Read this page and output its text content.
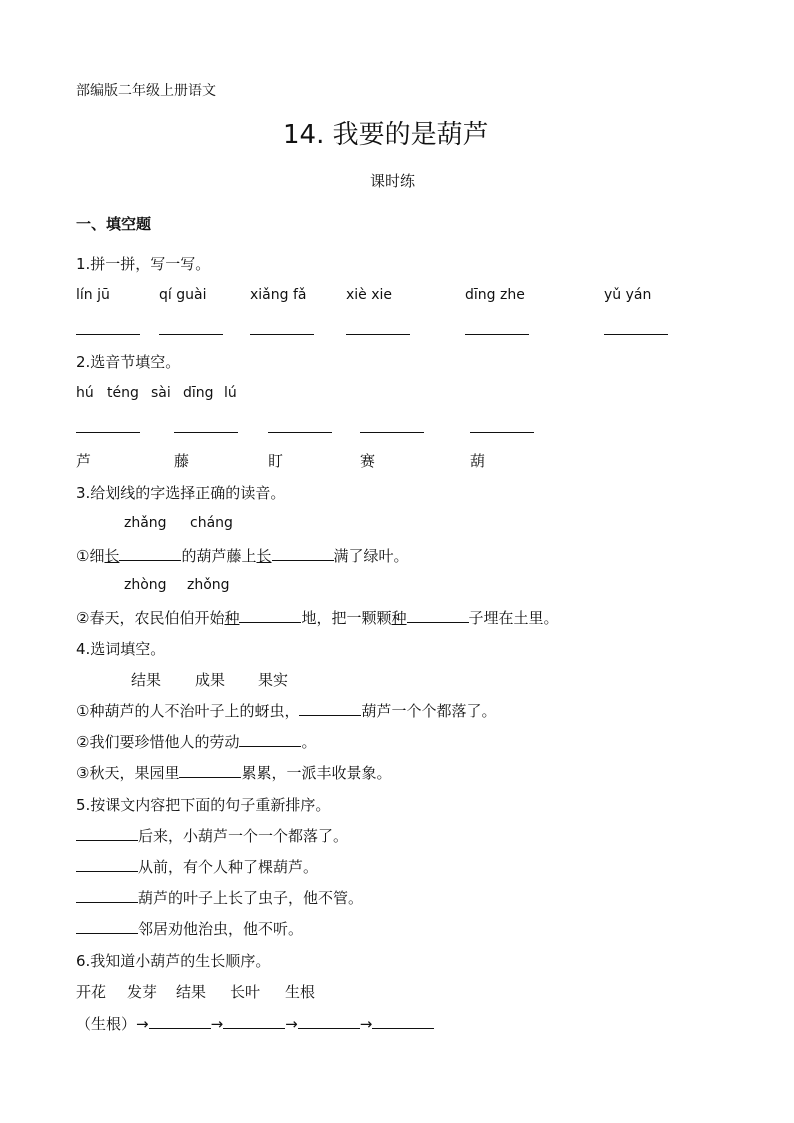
部编版二年级上册语文
14. 我要的是葫芦
课时练
一、填空题
1.拼一拼，写一写。
lín jū	qí guài	xiǎng fǎ	xiè xie	dīng zhe	yǔ yán
2.选音节填空。
hú téng sài dīng lú
芦	藤	盯	赛	葫
3.给划线的字选择正确的读音。
zhǎng cháng
①细长	的葫芦藤上长	满了绿叶。
zhòng zhǒng
②春天，农民伯伯开始种	地，把一颗颗种	子埋在土里。
4.选词填空。
结果 成果 果实
①种葫芦的人不治叶子上的蚜虫，	葫芦一个个都落了。
②我们要珍惜他人的劳动	。
③秋天，果园里	累累，一派丰收景象。
5.按课文内容把下面的句子重新排序。
后来，小葫芦一个一个都落了。
从前，有个人种了棵葫芦。
葫芦的叶子上长了虫子，他不管。
邻居劝他治虫，他不听。
6.我知道小葫芦的生长顺序。
开花 发芽 结果 长叶 生根
（生根）→	→	→	→
